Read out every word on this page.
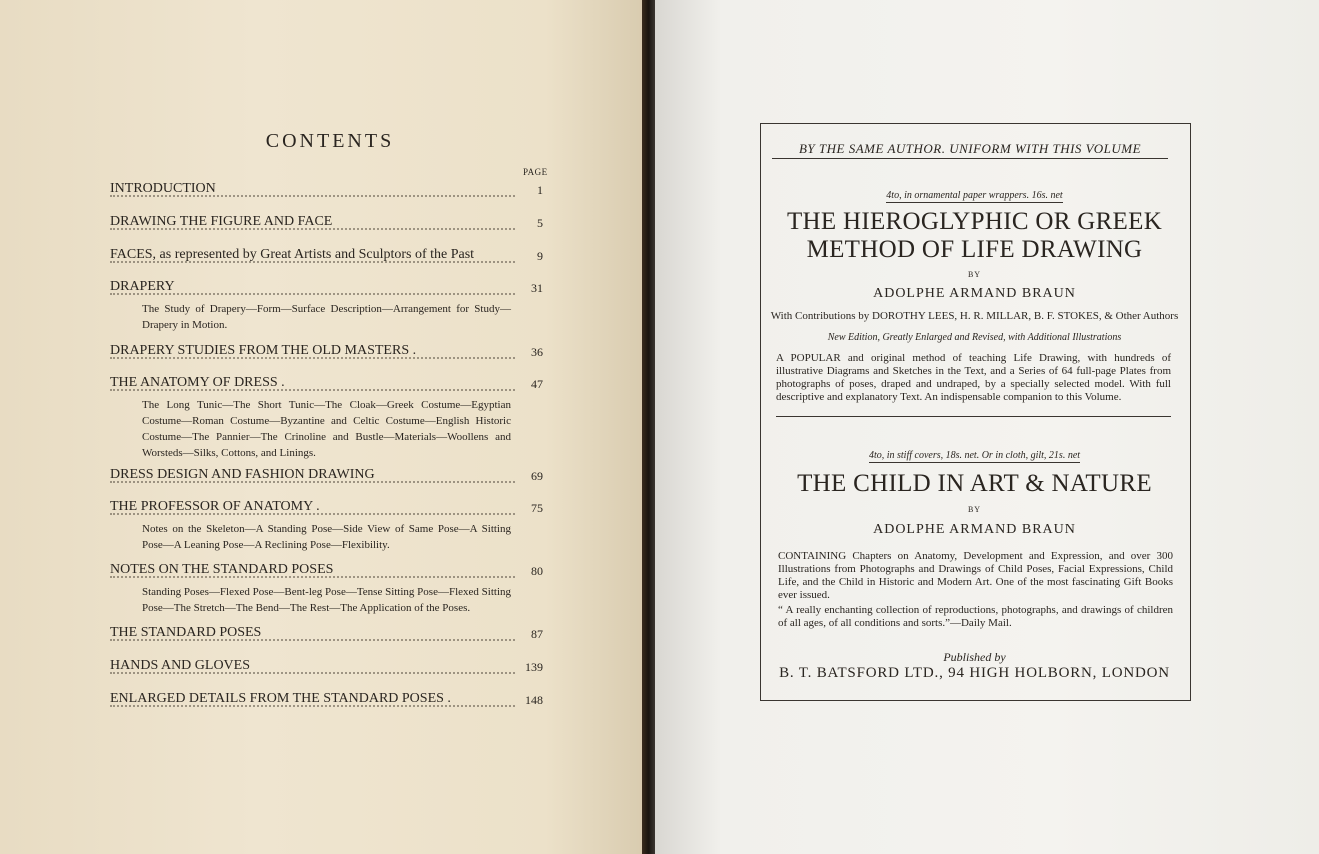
CONTENTS
PAGE
INTRODUCTION	1
DRAWING THE FIGURE AND FACE	5
FACES, as represented by Great Artists and Sculptors of the Past	9
DRAPERY	31
The Study of Drapery—Form—Surface Description—Arrangement for Study—Drapery in Motion.
DRAPERY STUDIES FROM THE OLD MASTERS .	36
THE ANATOMY OF DRESS .	47
The Long Tunic—The Short Tunic—The Cloak—Greek Costume—Egyptian Costume—Roman Costume—Byzantine and Celtic Costume—English Historic Costume—The Pannier—The Crinoline and Bustle—Materials—Woollens and Worsteds—Silks, Cottons, and Linings.
DRESS DESIGN AND FASHION DRAWING	69
THE PROFESSOR OF ANATOMY .	75
Notes on the Skeleton—A Standing Pose—Side View of Same Pose—A Sitting Pose—A Leaning Pose—A Reclining Pose—Flexibility.
NOTES ON THE STANDARD POSES	80
Standing Poses—Flexed Pose—Bent-leg Pose—Tense Sitting Pose—Flexed Sitting Pose—The Stretch—The Bend—The Rest—The Application of the Poses.
THE STANDARD POSES	87
HANDS AND GLOVES	139
ENLARGED DETAILS FROM THE STANDARD POSES .	148
BY THE SAME AUTHOR. UNIFORM WITH THIS VOLUME
4to, in ornamental paper wrappers. 16s. net
THE HIEROGLYPHIC OR GREEK
METHOD OF LIFE DRAWING
BY
ADOLPHE ARMAND BRAUN
With Contributions by DOROTHY LEES, H. R. MILLAR, B. F. STOKES, & Other Authors
New Edition, Greatly Enlarged and Revised, with Additional Illustrations
A POPULAR and original method of teaching Life Drawing, with hundreds of illustrative Diagrams and Sketches in the Text, and a Series of 64 full-page Plates from photographs of poses, draped and undraped, by a specially selected model. With full descriptive and explanatory Text. An indispensable companion to this Volume.
4to, in stiff covers, 18s. net. Or in cloth, gilt, 21s. net
THE CHILD IN ART & NATURE
BY
ADOLPHE ARMAND BRAUN
CONTAINING Chapters on Anatomy, Development and Expression, and over 300 Illustrations from Photographs and Drawings of Child Poses, Facial Expressions, Child Life, and the Child in Historic and Modern Art. One of the most fascinating Gift Books ever issued.
“ A really enchanting collection of reproductions, photographs, and drawings of children of all ages, of all conditions and sorts.”—Daily Mail.
Published by
B. T. BATSFORD LTD., 94 HIGH HOLBORN, LONDON
